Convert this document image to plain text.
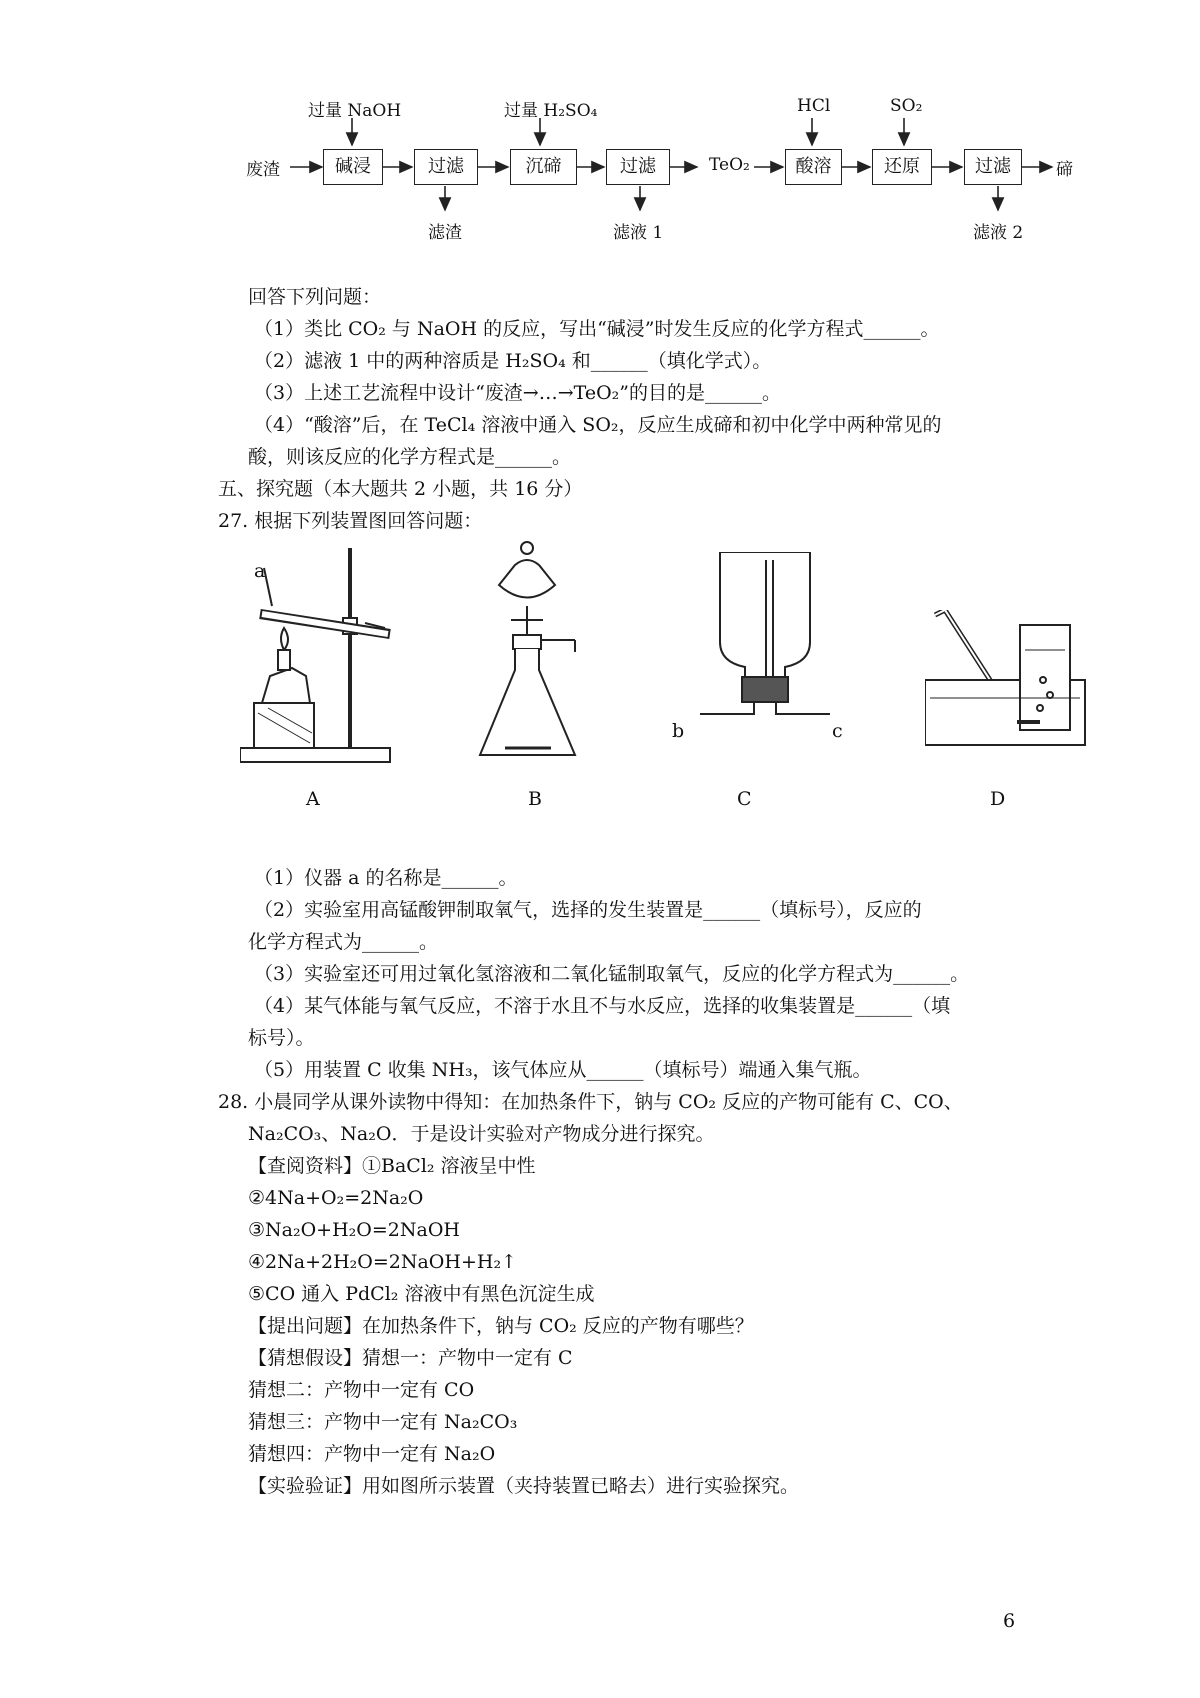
过量 NaOH	过量 H₂SO₄	HCl	SO₂
废渣	碱浸	过滤	沉碲	过滤	TeO₂	酸溶	还原	过滤	碲
滤渣	滤液 1	滤液 2
回答下列问题：
（1）类比 CO₂ 与 NaOH 的反应，写出“碱浸”时发生反应的化学方程式______。
（2）滤液 1 中的两种溶质是 H₂SO₄ 和______（填化学式）。
（3）上述工艺流程中设计“废渣→…→TeO₂”的目的是______。
（4）“酸溶”后，在 TeCl₄ 溶液中通入 SO₂，反应生成碲和初中化学中两种常见的
酸，则该反应的化学方程式是______。
五、探究题（本大题共 2 小题，共 16 分）
27. 根据下列装置图回答问题：
a
A	B
b	c
C	D
（1）仪器 a 的名称是______。
（2）实验室用高锰酸钾制取氧气，选择的发生装置是______（填标号），反应的
化学方程式为______。
（3）实验室还可用过氧化氢溶液和二氧化锰制取氧气，反应的化学方程式为______。
（4）某气体能与氧气反应，不溶于水且不与水反应，选择的收集装置是______（填
标号）。
（5）用装置 C 收集 NH₃，该气体应从______（填标号）端通入集气瓶。
28. 小晨同学从课外读物中得知：在加热条件下，钠与 CO₂ 反应的产物可能有 C、CO、
Na₂CO₃、Na₂O．于是设计实验对产物成分进行探究。
【查阅资料】①BaCl₂ 溶液呈中性
②4Na+O₂=2Na₂O
③Na₂O+H₂O=2NaOH
④2Na+2H₂O=2NaOH+H₂↑
⑤CO 通入 PdCl₂ 溶液中有黑色沉淀生成
【提出问题】在加热条件下，钠与 CO₂ 反应的产物有哪些？
【猜想假设】猜想一：产物中一定有 C
猜想二：产物中一定有 CO
猜想三：产物中一定有 Na₂CO₃
猜想四：产物中一定有 Na₂O
【实验验证】用如图所示装置（夹持装置已略去）进行实验探究。
6
